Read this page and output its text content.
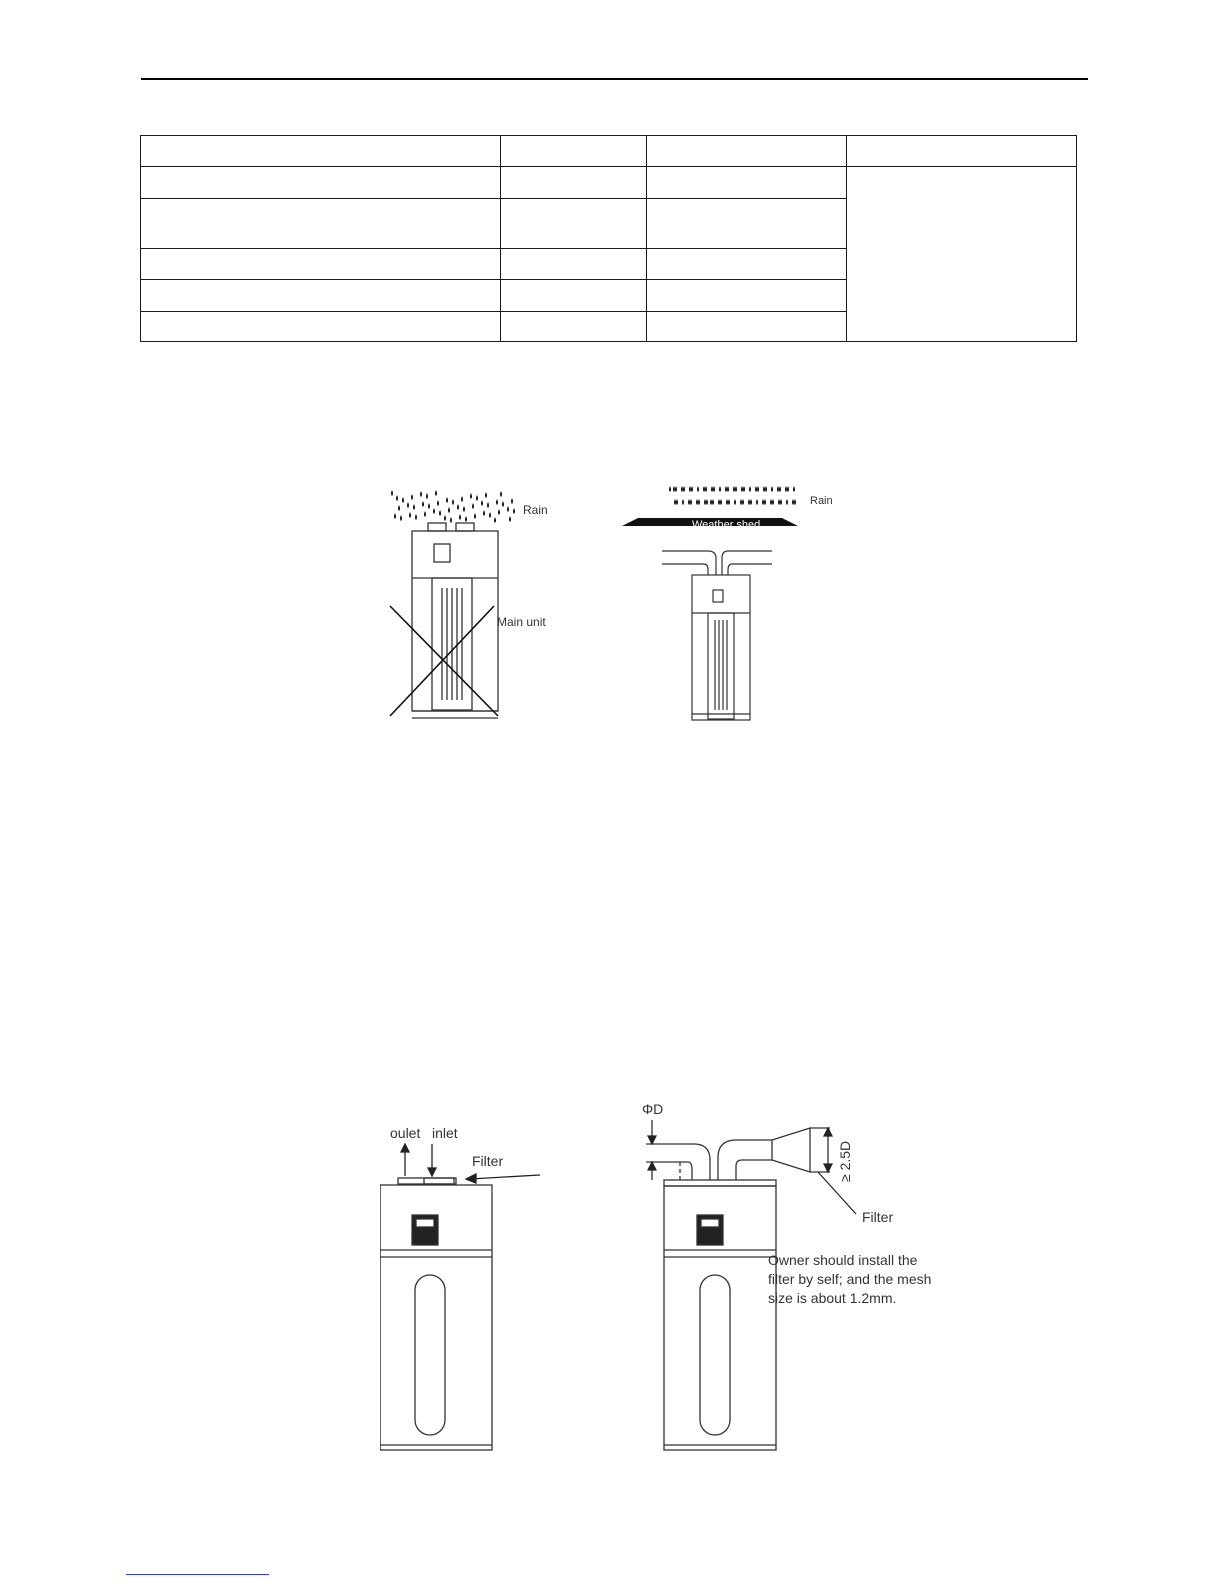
Rain
Main unit
Rain
Weather shed
oulet inlet
Filter
ΦD
≥ 2.5D
Filter
Owner should install the
filter by self; and the mesh
size is about 1.2mm.
